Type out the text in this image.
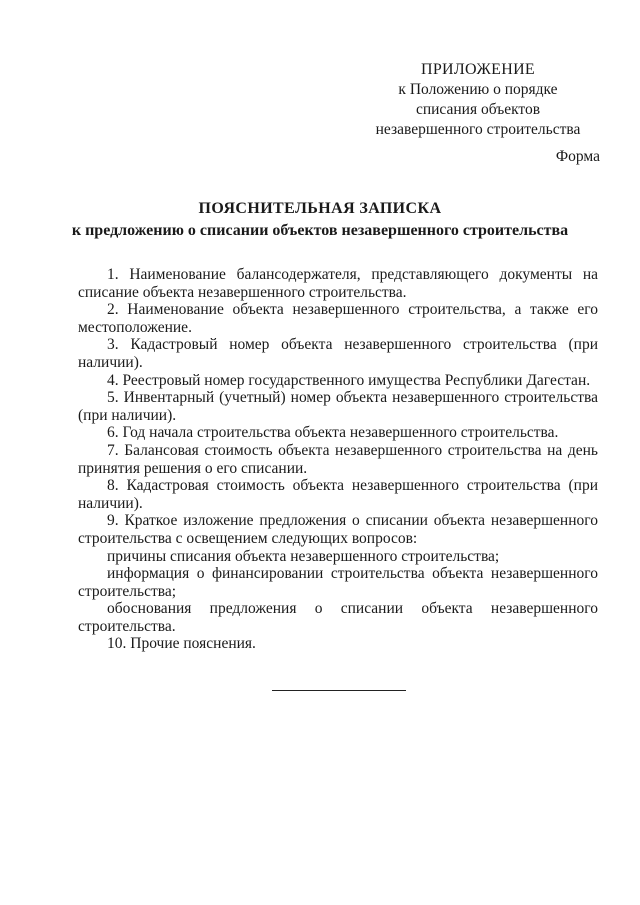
ПРИЛОЖЕНИЕ
к Положению о порядке
списания объектов
незавершенного строительства
Форма
ПОЯСНИТЕЛЬНАЯ ЗАПИСКА
к предложению о списании объектов незавершенного строительства

1. Наименование балансодержателя, представляющего документы на списание объекта незавершенного строительства.

2. Наименование объекта незавершенного строительства, а также его местоположение.

3. Кадастровый номер объекта незавершенного строительства (при наличии).

4. Реестровый номер государственного имущества Республики Дагестан.

5. Инвентарный (учетный) номер объекта незавершенного строительства (при наличии).

6. Год начала строительства объекта незавершенного строительства.

7. Балансовая стоимость объекта незавершенного строительства на день принятия решения о его списании.

8. Кадастровая стоимость объекта незавершенного строительства (при наличии).

9. Краткое изложение предложения о списании объекта незавершенного строительства с освещением следующих вопросов:

причины списания объекта незавершенного строительства;

информация о финансировании строительства объекта незавершенного строительства;

обоснования предложения о списании объекта незавершенного строительства.

10. Прочие пояснения.
